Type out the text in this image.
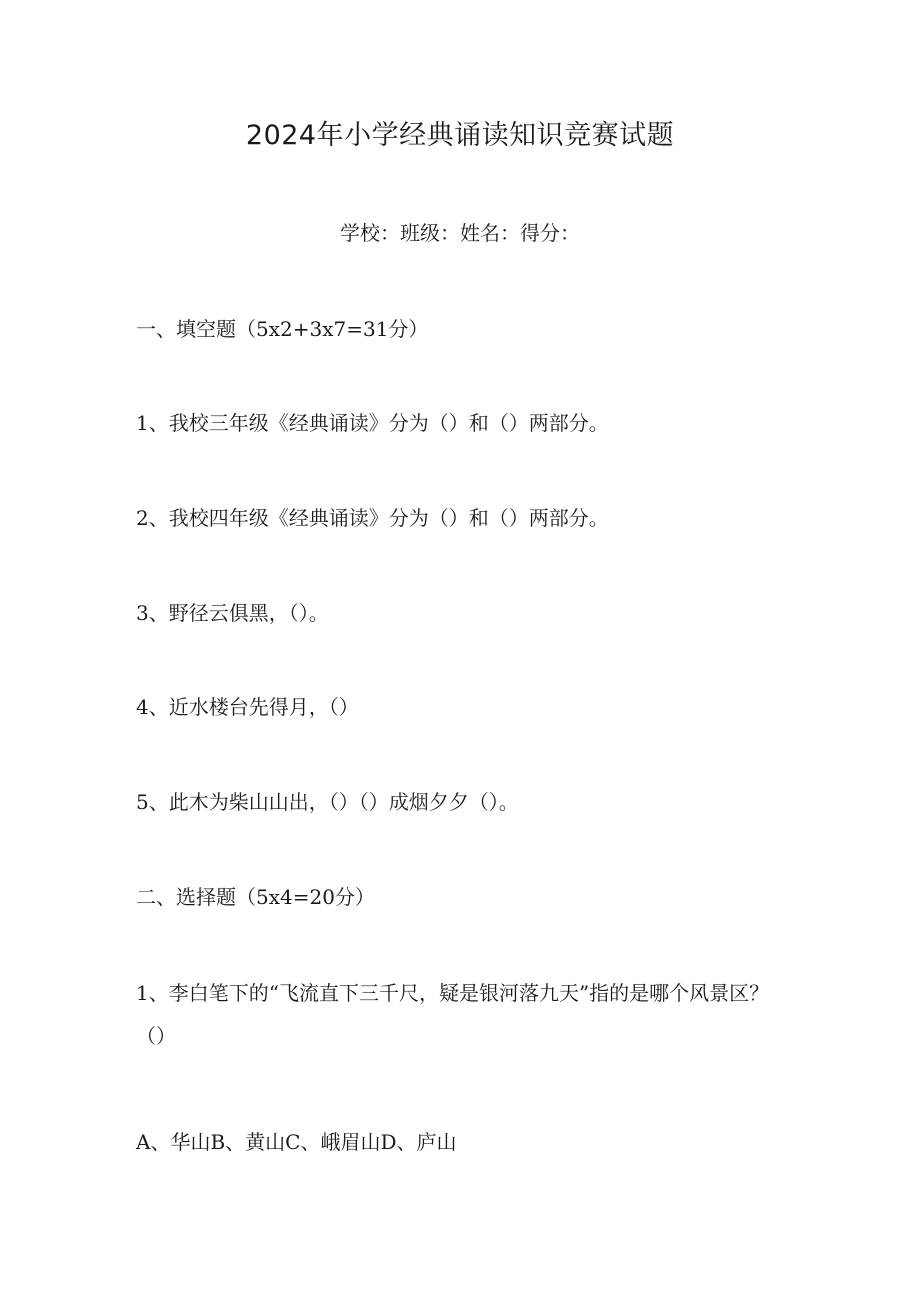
2024年小学经典诵读知识竞赛试题
学校：班级：姓名：得分：
一、填空题（5x2+3x7=31分）
1、我校三年级《经典诵读》分为（）和（）两部分。
2、我校四年级《经典诵读》分为（）和（）两部分。
3、野径云俱黑，（）。
4、近水楼台先得月，（）
5、此木为柴山山出，（）（）成烟夕夕（）。
二、选择题（5x4=20分）
1、李白笔下的“飞流直下三千尺，疑是银河落九天”指的是哪个风景区？（）
A、华山B、黄山C、峨眉山D、庐山
